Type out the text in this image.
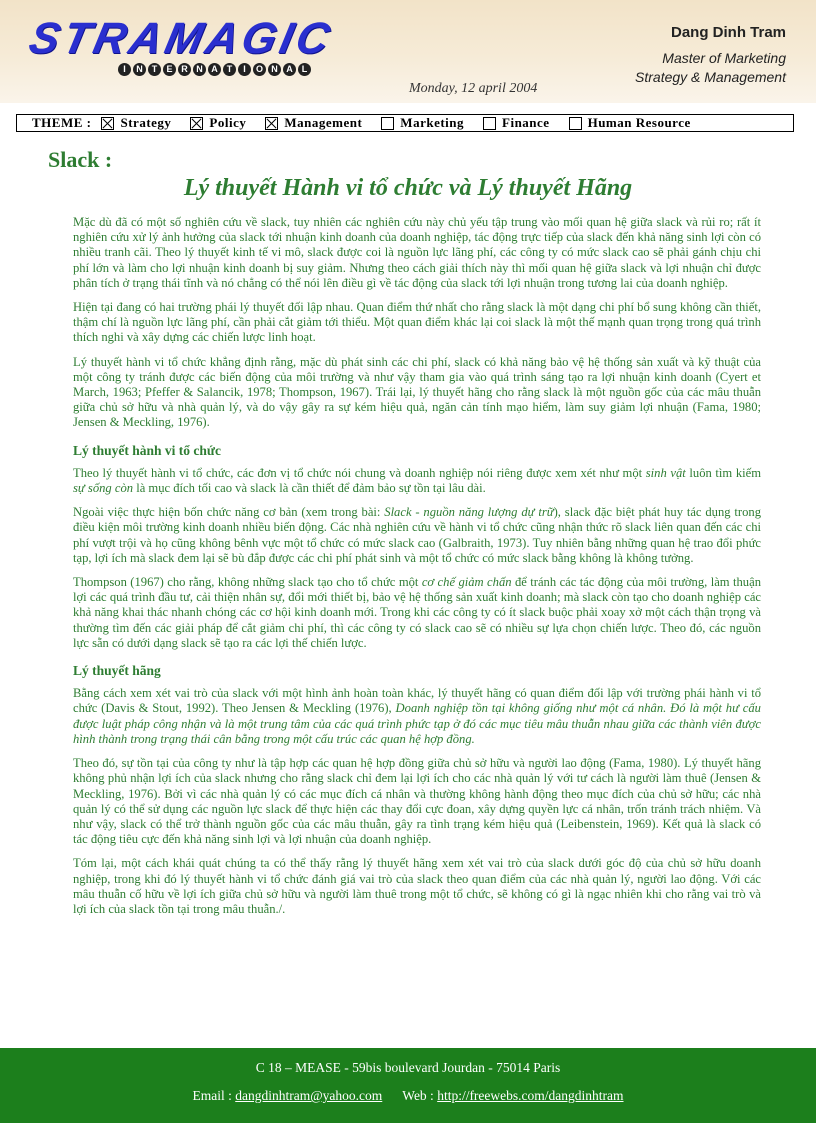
STRAMAGIC
I	N	T	E R N A	T	I	O N A	L
Monday, 12 april 2004
Dang Dinh Tram
Master of Marketing
Strategy & Management
THEME : Strategy	Policy	Management	Marketing	Finance	Human Resource
Slack :
Lý thuyết Hành vi tổ chức và Lý thuyết Hãng

Mặc dù đã có một số nghiên cứu về slack, tuy nhiên các nghiên cứu này chủ yếu tập trung vào mối quan hệ giữa slack và rủi ro; rất ít nghiên cứu xử lý ảnh hưởng của slack tới nhuận kinh doanh của doanh nghiệp, tác động trực tiếp của slack đến khả năng sinh lợi còn có nhiều tranh cãi. Theo lý thuyết kinh tế vi mô, slack được coi là nguồn lực lãng phí, các công ty có mức slack cao sẽ phải gánh chịu chi phí lớn và làm cho lợi nhuận kinh doanh bị suy giảm. Nhưng theo cách giải thích này thì mối quan hệ giữa slack và lợi nhuận chỉ được phân tích ở trạng thái tĩnh và nó chẳng có thể nói lên điều gì về tác động của slack tới lợi nhuận trong tương lai của doanh nghiệp.

Hiện tại đang có hai trường phái lý thuyết đối lập nhau. Quan điểm thứ nhất cho rằng slack là một dạng chi phí bổ sung không cần thiết, thậm chí là nguồn lực lãng phí, cần phải cắt giảm tới thiểu. Một quan điểm khác lại coi slack là một thế mạnh quan trọng trong quá trình thích nghi và xây dựng các chiến lược linh hoạt.

Lý thuyết hành vi tổ chức khẳng định rằng, mặc dù phát sinh các chi phí, slack có khả năng bảo vệ hệ thống sản xuất và kỹ thuật của một công ty tránh được các biến động của môi trường và như vậy tham gia vào quá trình sáng tạo ra lợi nhuận kinh doanh (Cyert et March, 1963; Pfeffer & Salancik, 1978; Thompson, 1967). Trái lại, lý thuyết hãng cho rằng slack là một nguồn gốc của các mâu thuẫn giữa chủ sở hữu và nhà quản lý, và do vậy gây ra sự kém hiệu quả, ngăn cản tính mạo hiểm, làm suy giảm lợi nhuận (Fama, 1980; Jensen & Meckling, 1976).

Lý thuyết hành vi tổ chức

Theo lý thuyết hành vi tổ chức, các đơn vị tổ chức nói chung và doanh nghiệp nói riêng được xem xét như một sinh vật luôn tìm kiếm sự sống còn là mục đích tối cao và slack là cần thiết để đảm bảo sự tồn tại lâu dài.

Ngoài việc thực hiện bốn chức năng cơ bản (xem trong bài: Slack - nguồn năng lượng dự trữ), slack đặc biệt phát huy tác dụng trong điều kiện môi trường kinh doanh nhiều biến động. Các nhà nghiên cứu về hành vi tổ chức cũng nhận thức rõ slack liên quan đến các chi phí vượt trội và họ cũng không bênh vực một tổ chức có mức slack cao (Galbraith, 1973). Tuy nhiên bằng những quan hệ trao đổi phức tạp, lợi ích mà slack đem lại sẽ bù đắp được các chi phí phát sinh và một tổ chức có mức slack bằng không là không tưởng.

Thompson (1967) cho rằng, không những slack tạo cho tổ chức một cơ chế giảm chấn để tránh các tác động của môi trường, làm thuận lợi các quá trình đầu tư, cải thiện nhân sự, đổi mới thiết bị, bảo vệ hệ thống sản xuất kinh doanh; mà slack còn tạo cho doanh nghiệp các khả năng khai thác nhanh chóng các cơ hội kinh doanh mới. Trong khi các công ty có ít slack buộc phải xoay xở một cách thận trọng và thường tìm đến các giải pháp để cắt giảm chi phí, thì các công ty có slack cao sẽ có nhiều sự lựa chọn chiến lược. Theo đó, các nguồn lực sẵn có dưới dạng slack sẽ tạo ra các lợi thế chiến lược.

Lý thuyết hãng

Bằng cách xem xét vai trò của slack với một hình ảnh hoàn toàn khác, lý thuyết hãng có quan điểm đối lập với trường phái hành vi tổ chức (Davis & Stout, 1992). Theo Jensen & Meckling (1976), Doanh nghiệp tồn tại không giống như một cá nhân. Đó là một hư cấu được luật pháp công nhận và là một trung tâm của các quá trình phức tạp ở đó các mục tiêu mâu thuẫn nhau giữa các thành viên được hình thành trong trạng thái cân bằng trong một cấu trúc các quan hệ hợp đồng.

Theo đó, sự tồn tại của công ty như là tập hợp các quan hệ hợp đồng giữa chủ sở hữu và người lao động (Fama, 1980). Lý thuyết hãng không phủ nhận lợi ích của slack nhưng cho rằng slack chỉ đem lại lợi ích cho các nhà quản lý với tư cách là người làm thuê (Jensen & Meckling, 1976). Bởi vì các nhà quản lý có các mục đích cá nhân và thường không hành động theo mục đích của chủ sở hữu; các nhà quản lý có thể sử dụng các nguồn lực slack để thực hiện các thay đổi cực đoan, xây dựng quyền lực cá nhân, trốn tránh trách nhiệm. Và như vậy, slack có thể trở thành nguồn gốc của các mâu thuẫn, gây ra tình trạng kém hiệu quả (Leibenstein, 1969). Kết quả là slack có tác động tiêu cực đến khả năng sinh lợi và lợi nhuận của doanh nghiệp.

Tóm lại, một cách khái quát chúng ta có thể thấy rằng lý thuyết hãng xem xét vai trò của slack dưới góc độ của chủ sở hữu doanh nghiệp, trong khi đó lý thuyết hành vi tổ chức đánh giá vai trò của slack theo quan điểm của các nhà quản lý, người lao động. Với các mâu thuẫn cố hữu về lợi ích giữa chủ sở hữu và người làm thuê trong một tổ chức, sẽ không có gì là ngạc nhiên khi cho rằng vai trò và lợi ích của slack tồn tại trong mâu thuẫn./.

C 18 – MEASE - 59bis boulevard Jourdan - 75014 Paris
Email : dangdinhtram@yahoo.com Web : http://freewebs.com/dangdinhtram
